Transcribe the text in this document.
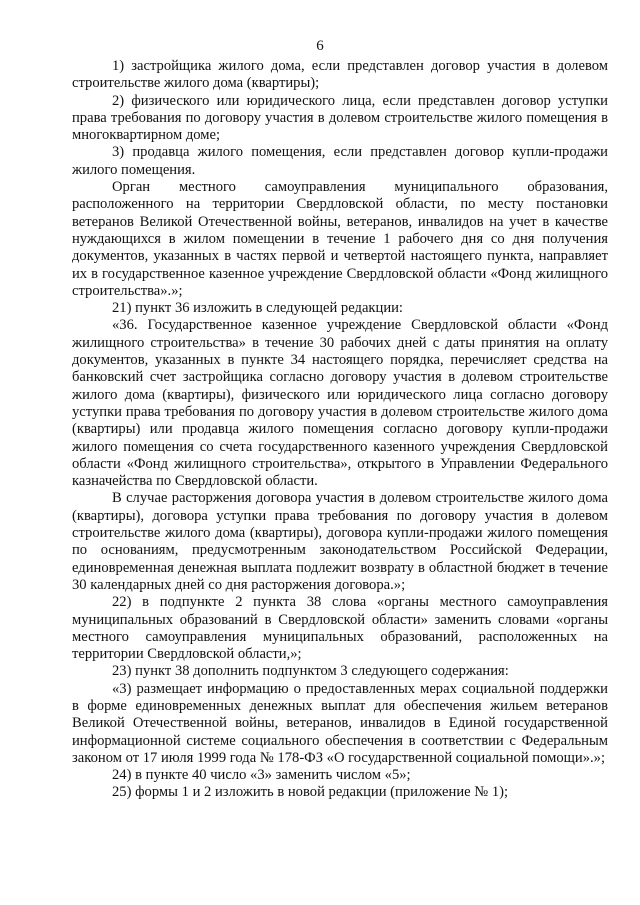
6

1) застройщика жилого дома, если представлен договор участия в долевом строительстве жилого дома (квартиры);

2) физического или юридического лица, если представлен договор уступки права требования по договору участия в долевом строительстве жилого помещения в многоквартирном доме;

3) продавца жилого помещения, если представлен договор купли-продажи жилого помещения.

Орган местного самоуправления муниципального образования, расположенного на территории Свердловской области, по месту постановки ветеранов Великой Отечественной войны, ветеранов, инвалидов на учет в качестве нуждающихся в жилом помещении в течение 1 рабочего дня со дня получения документов, указанных в частях первой и четвертой настоящего пункта, направляет их в государственное казенное учреждение Свердловской области «Фонд жилищного строительства».»;

21) пункт 36 изложить в следующей редакции:

«36. Государственное казенное учреждение Свердловской области «Фонд жилищного строительства» в течение 30 рабочих дней с даты принятия на оплату документов, указанных в пункте 34 настоящего порядка, перечисляет средства на банковский счет застройщика согласно договору участия в долевом строительстве жилого дома (квартиры), физического или юридического лица согласно договору уступки права требования по договору участия в долевом строительстве жилого дома (квартиры) или продавца жилого помещения согласно договору купли-продажи жилого помещения со счета государственного казенного учреждения Свердловской области «Фонд жилищного строительства», открытого в Управлении Федерального казначейства по Свердловской области.

В случае расторжения договора участия в долевом строительстве жилого дома (квартиры), договора уступки права требования по договору участия в долевом строительстве жилого дома (квартиры), договора купли-продажи жилого помещения по основаниям, предусмотренным законодательством Российской Федерации, единовременная денежная выплата подлежит возврату в областной бюджет в течение 30 календарных дней со дня расторжения договора.»;

22) в подпункте 2 пункта 38 слова «органы местного самоуправления муниципальных образований в Свердловской области» заменить словами «органы местного самоуправления муниципальных образований, расположенных на территории Свердловской области,»;

23) пункт 38 дополнить подпунктом 3 следующего содержания:

«3) размещает информацию о предоставленных мерах социальной поддержки в форме единовременных денежных выплат для обеспечения жильем ветеранов Великой Отечественной войны, ветеранов, инвалидов в Единой государственной информационной системе социального обеспечения в соответствии с Федеральным законом от 17 июля 1999 года № 178-ФЗ «О государственной социальной помощи».»;

24) в пункте 40 число «3» заменить числом «5»;

25) формы 1 и 2 изложить в новой редакции (приложение № 1);
